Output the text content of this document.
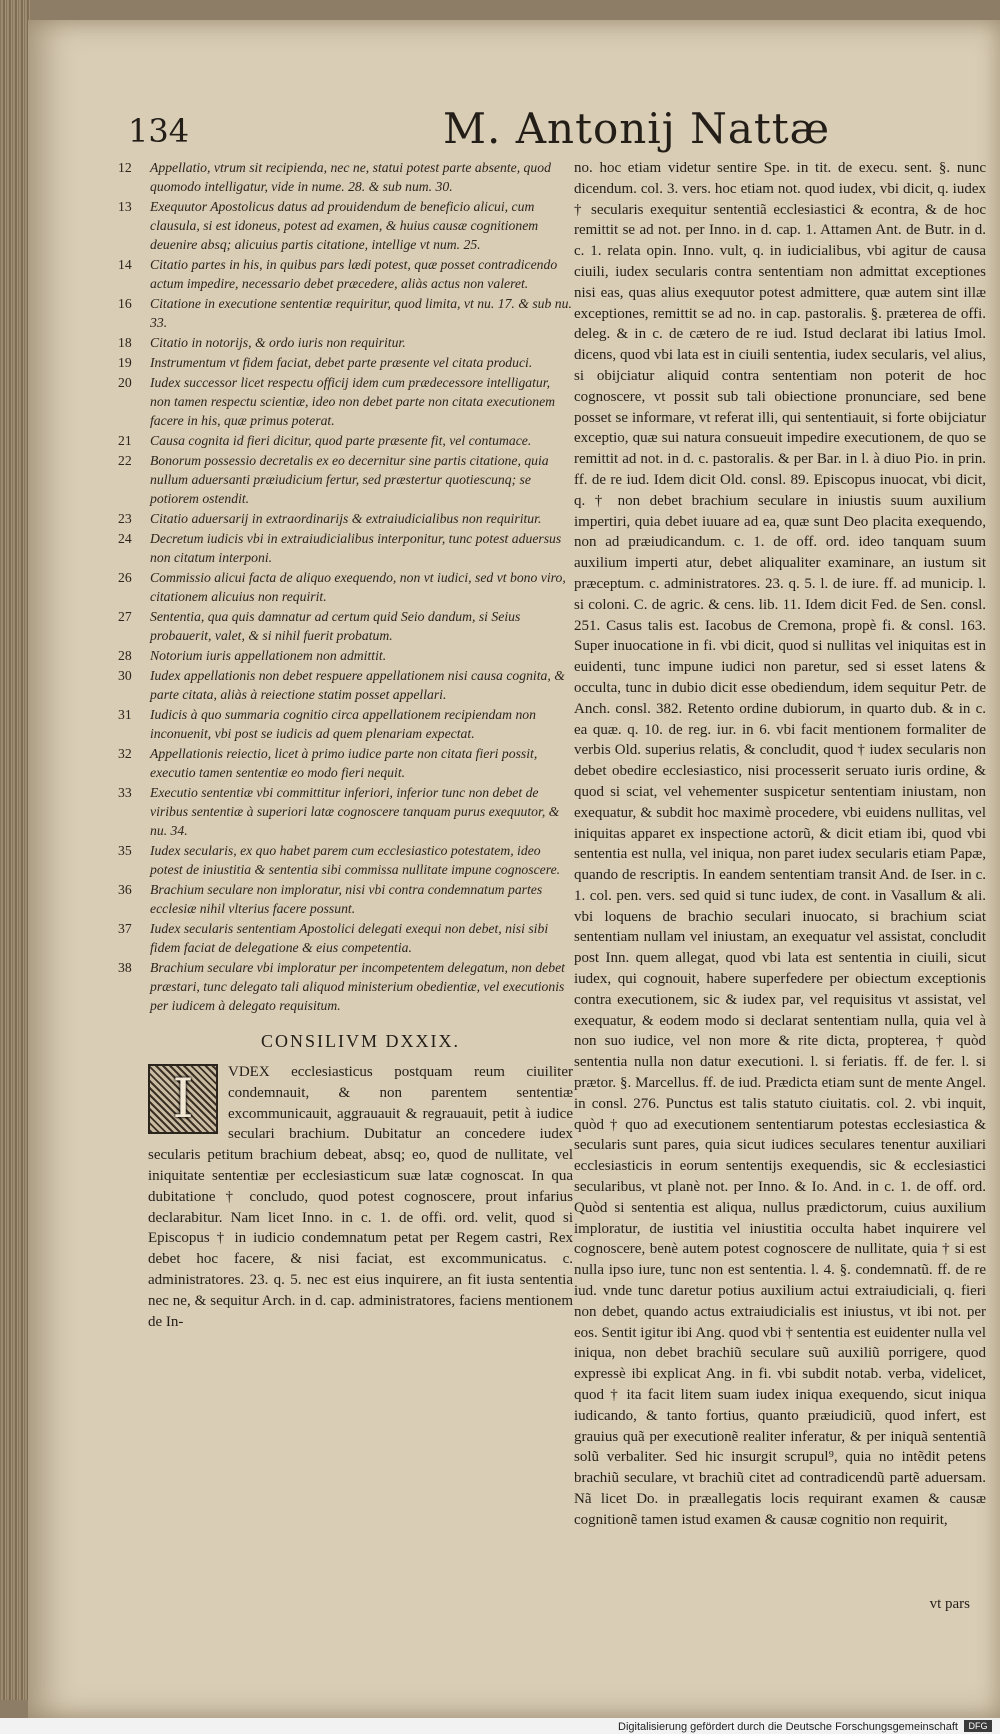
134	M. Antonij Nattæ
12 Appellatio, vtrum sit recipienda, nec ne, statui potest parte absente, quod quomodo intelligatur, vide in nume. 28. & sub num. 30.
13 Exequutor Apostolicus datus ad prouidendum de beneficio alicui, cum clausula, si est idoneus, potest ad examen, & huius causæ cognitionem deuenire absq; alicuius partis citatione, intellige vt num. 25.
14 Citatio partes in his, in quibus pars lædi potest, quæ posset contradicendo actum impedire, necessario debet præcedere, aliàs actus non valeret.
16 Citatione in executione sententiæ requiritur, quod limita, vt nu. 17. & sub nu. 33.
18 Citatio in notorijs, & ordo iuris non requiritur.
19 Instrumentum vt fidem faciat, debet parte præsente vel citata produci.
20 Iudex successor licet respectu officij idem cum prædecessore intelligatur, non tamen respectu scientiæ, ideo non debet parte non citata executionem facere in his, quæ primus poterat.
21 Causa cognita id fieri dicitur, quod parte præsente fit, vel contumace.
22 Bonorum possessio decretalis ex eo decernitur sine partis citatione, quia nullum aduersanti præiudicium fertur, sed præstertur quotiescunq; se potiorem ostendit.
23 Citatio aduersarij in extraordinarijs & extraiudicialibus non requiritur.
24 Decretum iudicis vbi in extraiudicialibus interponitur, tunc potest aduersus non citatum interponi.
26 Commissio alicui facta de aliquo exequendo, non vt iudici, sed vt bono viro, citationem alicuius non requirit.
27 Sententia, qua quis damnatur ad certum quid Seio dandum, si Seius probauerit, valet, & si nihil fuerit probatum.
28 Notorium iuris appellationem non admittit.
30 Iudex appellationis non debet respuere appellationem nisi causa cognita, & parte citata, aliàs à reiectione statim posset appellari.
31 Iudicis à quo summaria cognitio circa appellationem recipiendam non inconuenit, vbi post se iudicis ad quem plenariam expectat.
32 Appellationis reiectio, licet à primo iudice parte non citata fieri possit, executio tamen sententiæ eo modo fieri nequit.
33 Executio sententiæ vbi committitur inferiori, inferior tunc non debet de viribus sententiæ à superiori latæ cognoscere tanquam purus exequutor, & nu. 34.
35 Iudex secularis, ex quo habet parem cum ecclesiastico potestatem, ideo potest de iniustitia & sententia sibi commissa nullitate impune cognoscere.
36 Brachium seculare non imploratur, nisi vbi contra condemnatum partes ecclesiæ nihil vlterius facere possunt.
37 Iudex secularis sententiam Apostolici delegati exequi non debet, nisi sibi fidem faciat de delegatione & eius competentia.
38 Brachium seculare vbi imploratur per incompetentem delegatum, non debet præstari, tunc delegato tali aliquod ministerium obedientiæ, vel executionis per iudicem à delegato requisitum.
CONSILIVM DXXIX.
I	VDEX ecclesiasticus postquam reum ciuiliter condemnauit, & non parentem sententiæ excommunicauit, aggrauauit & regrauauit, petit à iudice seculari brachium. Dubitatur an concedere iudex secularis petitum brachium debeat, absq; eo, quod de nullitate, vel iniquitate sententiæ per ecclesiasticum suæ latæ cognoscat. In qua dubitatione † concludo, quod potest cognoscere, prout infarius declarabitur. Nam licet Inno. in c. 1. de offi. ord. velit, quod si Episcopus † in iudicio condemnatum petat per Regem castri, Rex debet hoc facere, & nisi faciat, est excommunicatus. c. administratores. 23. q. 5. nec est eius inquirere, an fit iusta sententia nec ne, & sequitur Arch. in d. cap. administratores, faciens mentionem de In-
no. hoc etiam videtur sentire Spe. in tit. de execu. sent. §. nunc dicendum. col. 3. vers. hoc etiam not. quod iudex, vbi dicit, q. iudex † secularis exequitur sententiã ecclesiastici & econtra, & de hoc remittit se ad not. per Inno. in d. cap. 1. Attamen Ant. de Butr. in d. c. 1. relata opin. Inno. vult, q. in iudicialibus, vbi agitur de causa ciuili, iudex secularis contra sententiam non admittat exceptiones nisi eas, quas alius exequutor potest admittere, quæ autem sint illæ exceptiones, remittit se ad no. in cap. pastoralis. §. præterea de offi. deleg. & in c. de cætero de re iud. Istud declarat ibi latius Imol. dicens, quod vbi lata est in ciuili sententia, iudex secularis, vel alius, si obijciatur aliquid contra sententiam non poterit de hoc cognoscere, vt possit sub tali obiectione pronunciare, sed bene posset se informare, vt referat illi, qui sententiauit, si forte obijciatur exceptio, quæ sui natura consueuit impedire executionem, de quo se remittit ad not. in d. c. pastoralis. & per Bar. in l. à diuo Pio. in prin. ff. de re iud. Idem dicit Old. consl. 89. Episcopus inuocat, vbi dicit, q. † non debet brachium seculare in iniustis suum auxilium impertiri, quia debet iuuare ad ea, quæ sunt Deo placita exequendo, non ad præiudicandum. c. 1. de off. ord. ideo tanquam suum auxilium imperti atur, debet aliqualiter examinare, an iustum sit præceptum. c. administratores. 23. q. 5. l. de iure. ff. ad municip. l. si coloni. C. de agric. & cens. lib. 11. Idem dicit Fed. de Sen. consl. 251. Casus talis est. Iacobus de Cremona, propè fi. & consl. 163. Super inuocatione in fi. vbi dicit, quod si nullitas vel iniquitas est in euidenti, tunc impune iudici non paretur, sed si esset latens & occulta, tunc in dubio dicit esse obediendum, idem sequitur Petr. de Anch. consl. 382. Retento ordine dubiorum, in quarto dub. & in c. ea quæ. q. 10. de reg. iur. in 6. vbi facit mentionem formaliter de verbis Old. superius relatis, & concludit, quod † iudex secularis non debet obedire ecclesiastico, nisi processerit seruato iuris ordine, & quod si sciat, vel vehementer suspicetur sententiam iniustam, non exequatur, & subdit hoc maximè procedere, vbi euidens nullitas, vel iniquitas apparet ex inspectione actorũ, & dicit etiam ibi, quod vbi sententia est nulla, vel iniqua, non paret iudex secularis etiam Papæ, quando de rescriptis. In eandem sententiam transit And. de Iser. in c. 1. col. pen. vers. sed quid si tunc iudex, de cont. in Vasallum & ali. vbi loquens de brachio seculari inuocato, si brachium sciat sententiam nullam vel iniustam, an exequatur vel assistat, concludit post Inn. quem allegat, quod vbi lata est sententia in ciuili, sicut iudex, qui cognouit, habere superfedere per obiectum exceptionis contra executionem, sic & iudex par, vel requisitus vt assistat, vel exequatur, & eodem modo si declarat sententiam nulla, quia vel à non suo iudice, vel non more & rite dicta, propterea, † quòd sententia nulla non datur executioni. l. si feriatis. ff. de fer. l. si prætor. §. Marcellus. ff. de iud. Prædicta etiam sunt de mente Angel. in consl. 276. Punctus est talis statuto ciuitatis. col. 2. vbi inquit, quòd † quo ad executionem sententiarum potestas ecclesiastica & secularis sunt pares, quia sicut iudices seculares tenentur auxiliari ecclesiasticis in eorum sententijs exequendis, sic & ecclesiastici secularibus, vt planè not. per Inno. & Io. And. in c. 1. de off. ord. Quòd si sententia est aliqua, nullus prædictorum, cuius auxilium imploratur, de iustitia vel iniustitia occulta habet inquirere vel cognoscere, benè autem potest cognoscere de nullitate, quia † si est nulla ipso iure, tunc non est sententia. l. 4. §. condemnatũ. ff. de re iud. vnde tunc daretur potius auxilium actui extraiudiciali, q. fieri non debet, quando actus extraiudicialis est iniustus, vt ibi not. per eos. Sentit igitur ibi Ang. quod vbi † sententia est euidenter nulla vel iniqua, non debet brachiũ seculare suũ auxiliũ porrigere, quod expressè ibi explicat Ang. in fi. vbi subdit notab. verba, videlicet, quod † ita facit litem suam iudex iniqua exequendo, sicut iniqua iudicando, & tanto fortius, quanto præiudiciũ, quod infert, est grauius quã per executionẽ realiter inferatur, & per iniquã sententiã solũ verbaliter. Sed hic insurgit scrupul⁹, quia no intẽdit petens brachiũ seculare, vt brachiũ citet ad contradicendũ partẽ aduersam. Nã licet Do. in præallegatis locis requirant examen & causæ cognitionẽ tamen istud examen & causæ cognitio non requirit,
vt pars
Digitalisierung gefördert durch die Deutsche Forschungsgemeinschaft	DFG
